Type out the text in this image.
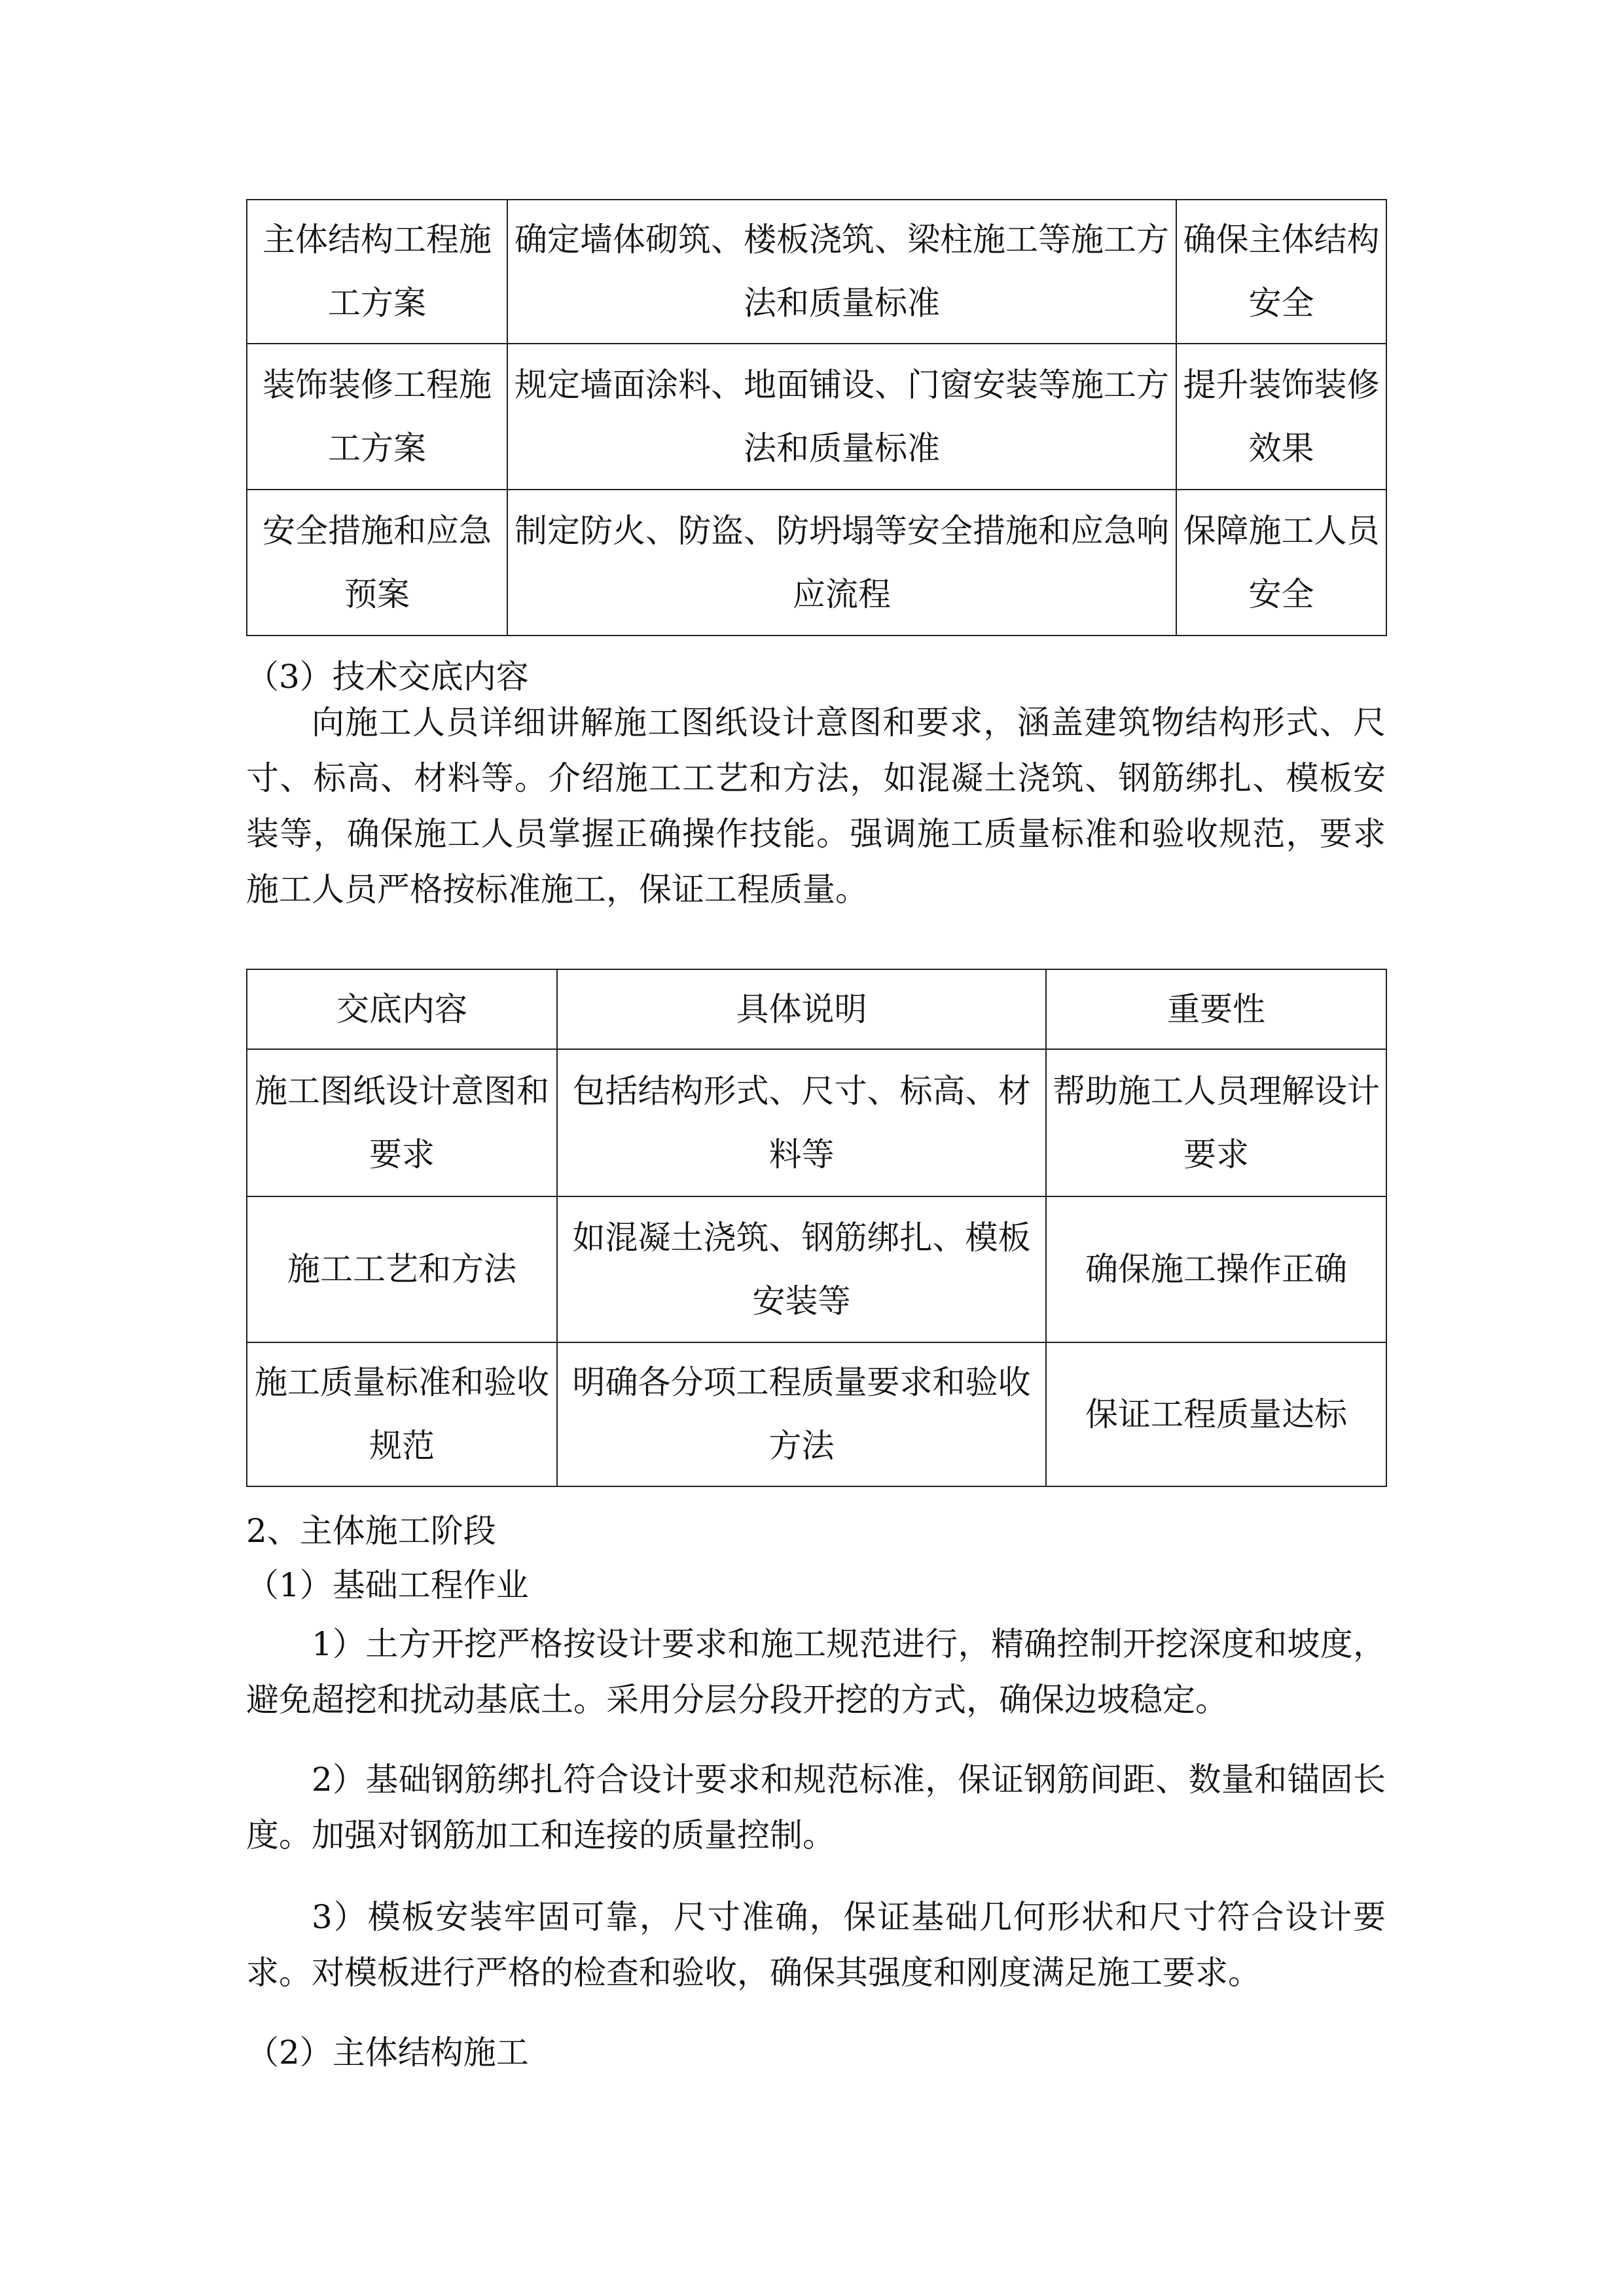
主体结构工程施工方案	确定墙体砌筑、楼板浇筑、梁柱施工等施工方法和质量标准	确保主体结构安全
装饰装修工程施工方案	规定墙面涂料、地面铺设、门窗安装等施工方法和质量标准	提升装饰装修效果
安全措施和应急预案	制定防火、防盗、防坍塌等安全措施和应急响应流程	保障施工人员安全
（3）技术交底内容
向施工人员详细讲解施工图纸设计意图和要求，涵盖建筑物结构形式、尺寸、标高、材料等。介绍施工工艺和方法，如混凝土浇筑、钢筋绑扎、模板安装等，确保施工人员掌握正确操作技能。强调施工质量标准和验收规范，要求施工人员严格按标准施工，保证工程质量。
交底内容	具体说明	重要性
施工图纸设计意图和要求	包括结构形式、尺寸、标高、材料等	帮助施工人员理解设计要求
施工工艺和方法	如混凝土浇筑、钢筋绑扎、模板安装等	确保施工操作正确
施工质量标准和验收规范	明确各分项工程质量要求和验收方法	保证工程质量达标
2、主体施工阶段
（1）基础工程作业
1）土方开挖严格按设计要求和施工规范进行，精确控制开挖深度和坡度，避免超挖和扰动基底土。采用分层分段开挖的方式，确保边坡稳定。
2）基础钢筋绑扎符合设计要求和规范标准，保证钢筋间距、数量和锚固长度。加强对钢筋加工和连接的质量控制。
3）模板安装牢固可靠，尺寸准确，保证基础几何形状和尺寸符合设计要求。对模板进行严格的检查和验收，确保其强度和刚度满足施工要求。
（2）主体结构施工
